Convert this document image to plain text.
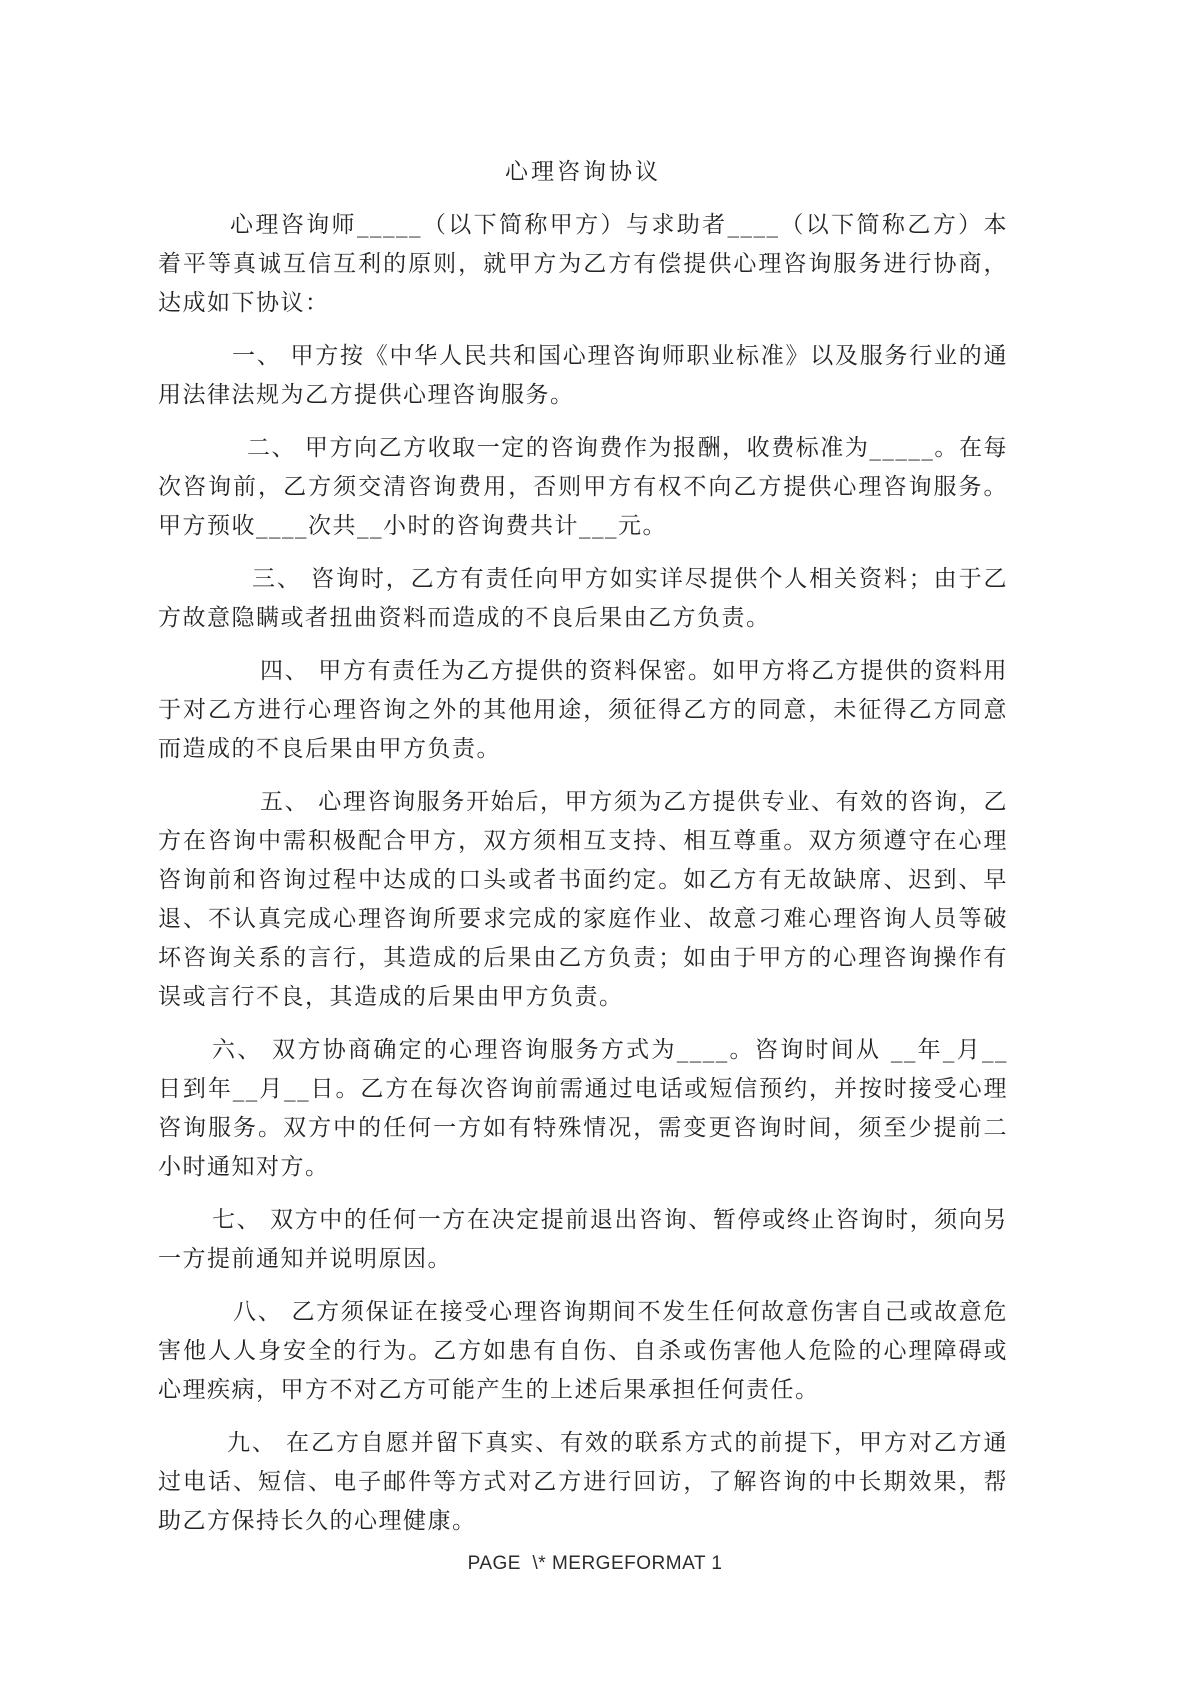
心理咨询协议

心理咨询师_____（以下简称甲方）与求助者____（以下简称乙方）本着平等真诚互信互利的原则，就甲方为乙方有偿提供心理咨询服务进行协商，达成如下协议：

一、 甲方按《中华人民共和国心理咨询师职业标准》以及服务行业的通用法律法规为乙方提供心理咨询服务。

二、 甲方向乙方收取一定的咨询费作为报酬，收费标准为_____。在每次咨询前，乙方须交清咨询费用，否则甲方有权不向乙方提供心理咨询服务。甲方预收____次共__小时的咨询费共计___元。

三、 咨询时，乙方有责任向甲方如实详尽提供个人相关资料；由于乙方故意隐瞒或者扭曲资料而造成的不良后果由乙方负责。

四、 甲方有责任为乙方提供的资料保密。如甲方将乙方提供的资料用于对乙方进行心理咨询之外的其他用途，须征得乙方的同意，未征得乙方同意而造成的不良后果由甲方负责。

五、 心理咨询服务开始后，甲方须为乙方提供专业、有效的咨询，乙方在咨询中需积极配合甲方，双方须相互支持、相互尊重。双方须遵守在心理咨询前和咨询过程中达成的口头或者书面约定。如乙方有无故缺席、迟到、早退、不认真完成心理咨询所要求完成的家庭作业、故意刁难心理咨询人员等破坏咨询关系的言行，其造成的后果由乙方负责；如由于甲方的心理咨询操作有误或言行不良，其造成的后果由甲方负责。

六、 双方协商确定的心理咨询服务方式为____。咨询时间从 __年_月__日到年__月__日。乙方在每次咨询前需通过电话或短信预约，并按时接受心理咨询服务。双方中的任何一方如有特殊情况，需变更咨询时间，须至少提前二小时通知对方。

七、 双方中的任何一方在决定提前退出咨询、暂停或终止咨询时，须向另一方提前通知并说明原因。

八、 乙方须保证在接受心理咨询期间不发生任何故意伤害自己或故意危害他人人身安全的行为。乙方如患有自伤、自杀或伤害他人危险的心理障碍或心理疾病，甲方不对乙方可能产生的上述后果承担任何责任。

九、 在乙方自愿并留下真实、有效的联系方式的前提下，甲方对乙方通过电话、短信、电子邮件等方式对乙方进行回访，了解咨询的中长期效果，帮助乙方保持长久的心理健康。

PAGE  \* MERGEFORMAT 1
